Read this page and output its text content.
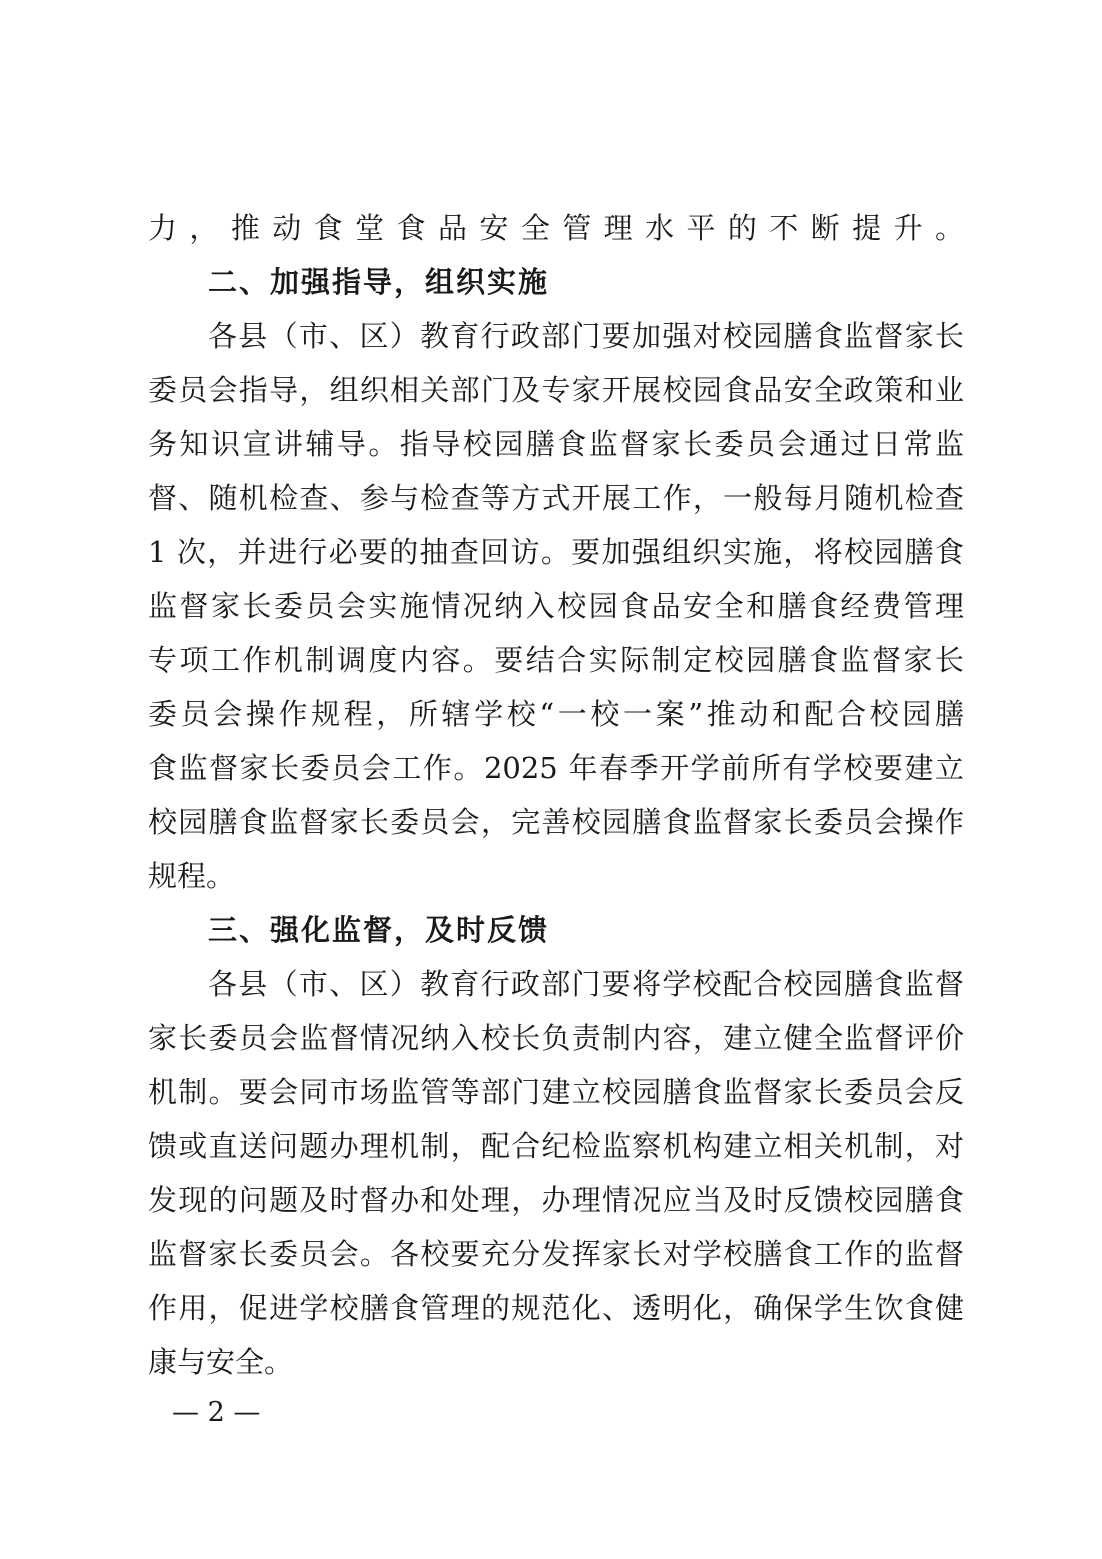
力，推动食堂食品安全管理水平的不断提升。
二、加强指导，组织实施
各县（市、区）教育行政部门要加强对校园膳食监督家长
委员会指导，组织相关部门及专家开展校园食品安全政策和业
务知识宣讲辅导。指导校园膳食监督家长委员会通过日常监
督、随机检查、参与检查等方式开展工作，一般每月随机检查
1 次，并进行必要的抽查回访。要加强组织实施，将校园膳食
监督家长委员会实施情况纳入校园食品安全和膳食经费管理
专项工作机制调度内容。要结合实际制定校园膳食监督家长
委员会操作规程，所辖学校“一校一案”推动和配合校园膳
食监督家长委员会工作。2025 年春季开学前所有学校要建立
校园膳食监督家长委员会，完善校园膳食监督家长委员会操作
规程。
三、强化监督，及时反馈
各县（市、区）教育行政部门要将学校配合校园膳食监督
家长委员会监督情况纳入校长负责制内容，建立健全监督评价
机制。要会同市场监管等部门建立校园膳食监督家长委员会反
馈或直送问题办理机制，配合纪检监察机构建立相关机制，对
发现的问题及时督办和处理，办理情况应当及时反馈校园膳食
监督家长委员会。各校要充分发挥家长对学校膳食工作的监督
作用，促进学校膳食管理的规范化、透明化，确保学生饮食健
康与安全。
— 2 —
